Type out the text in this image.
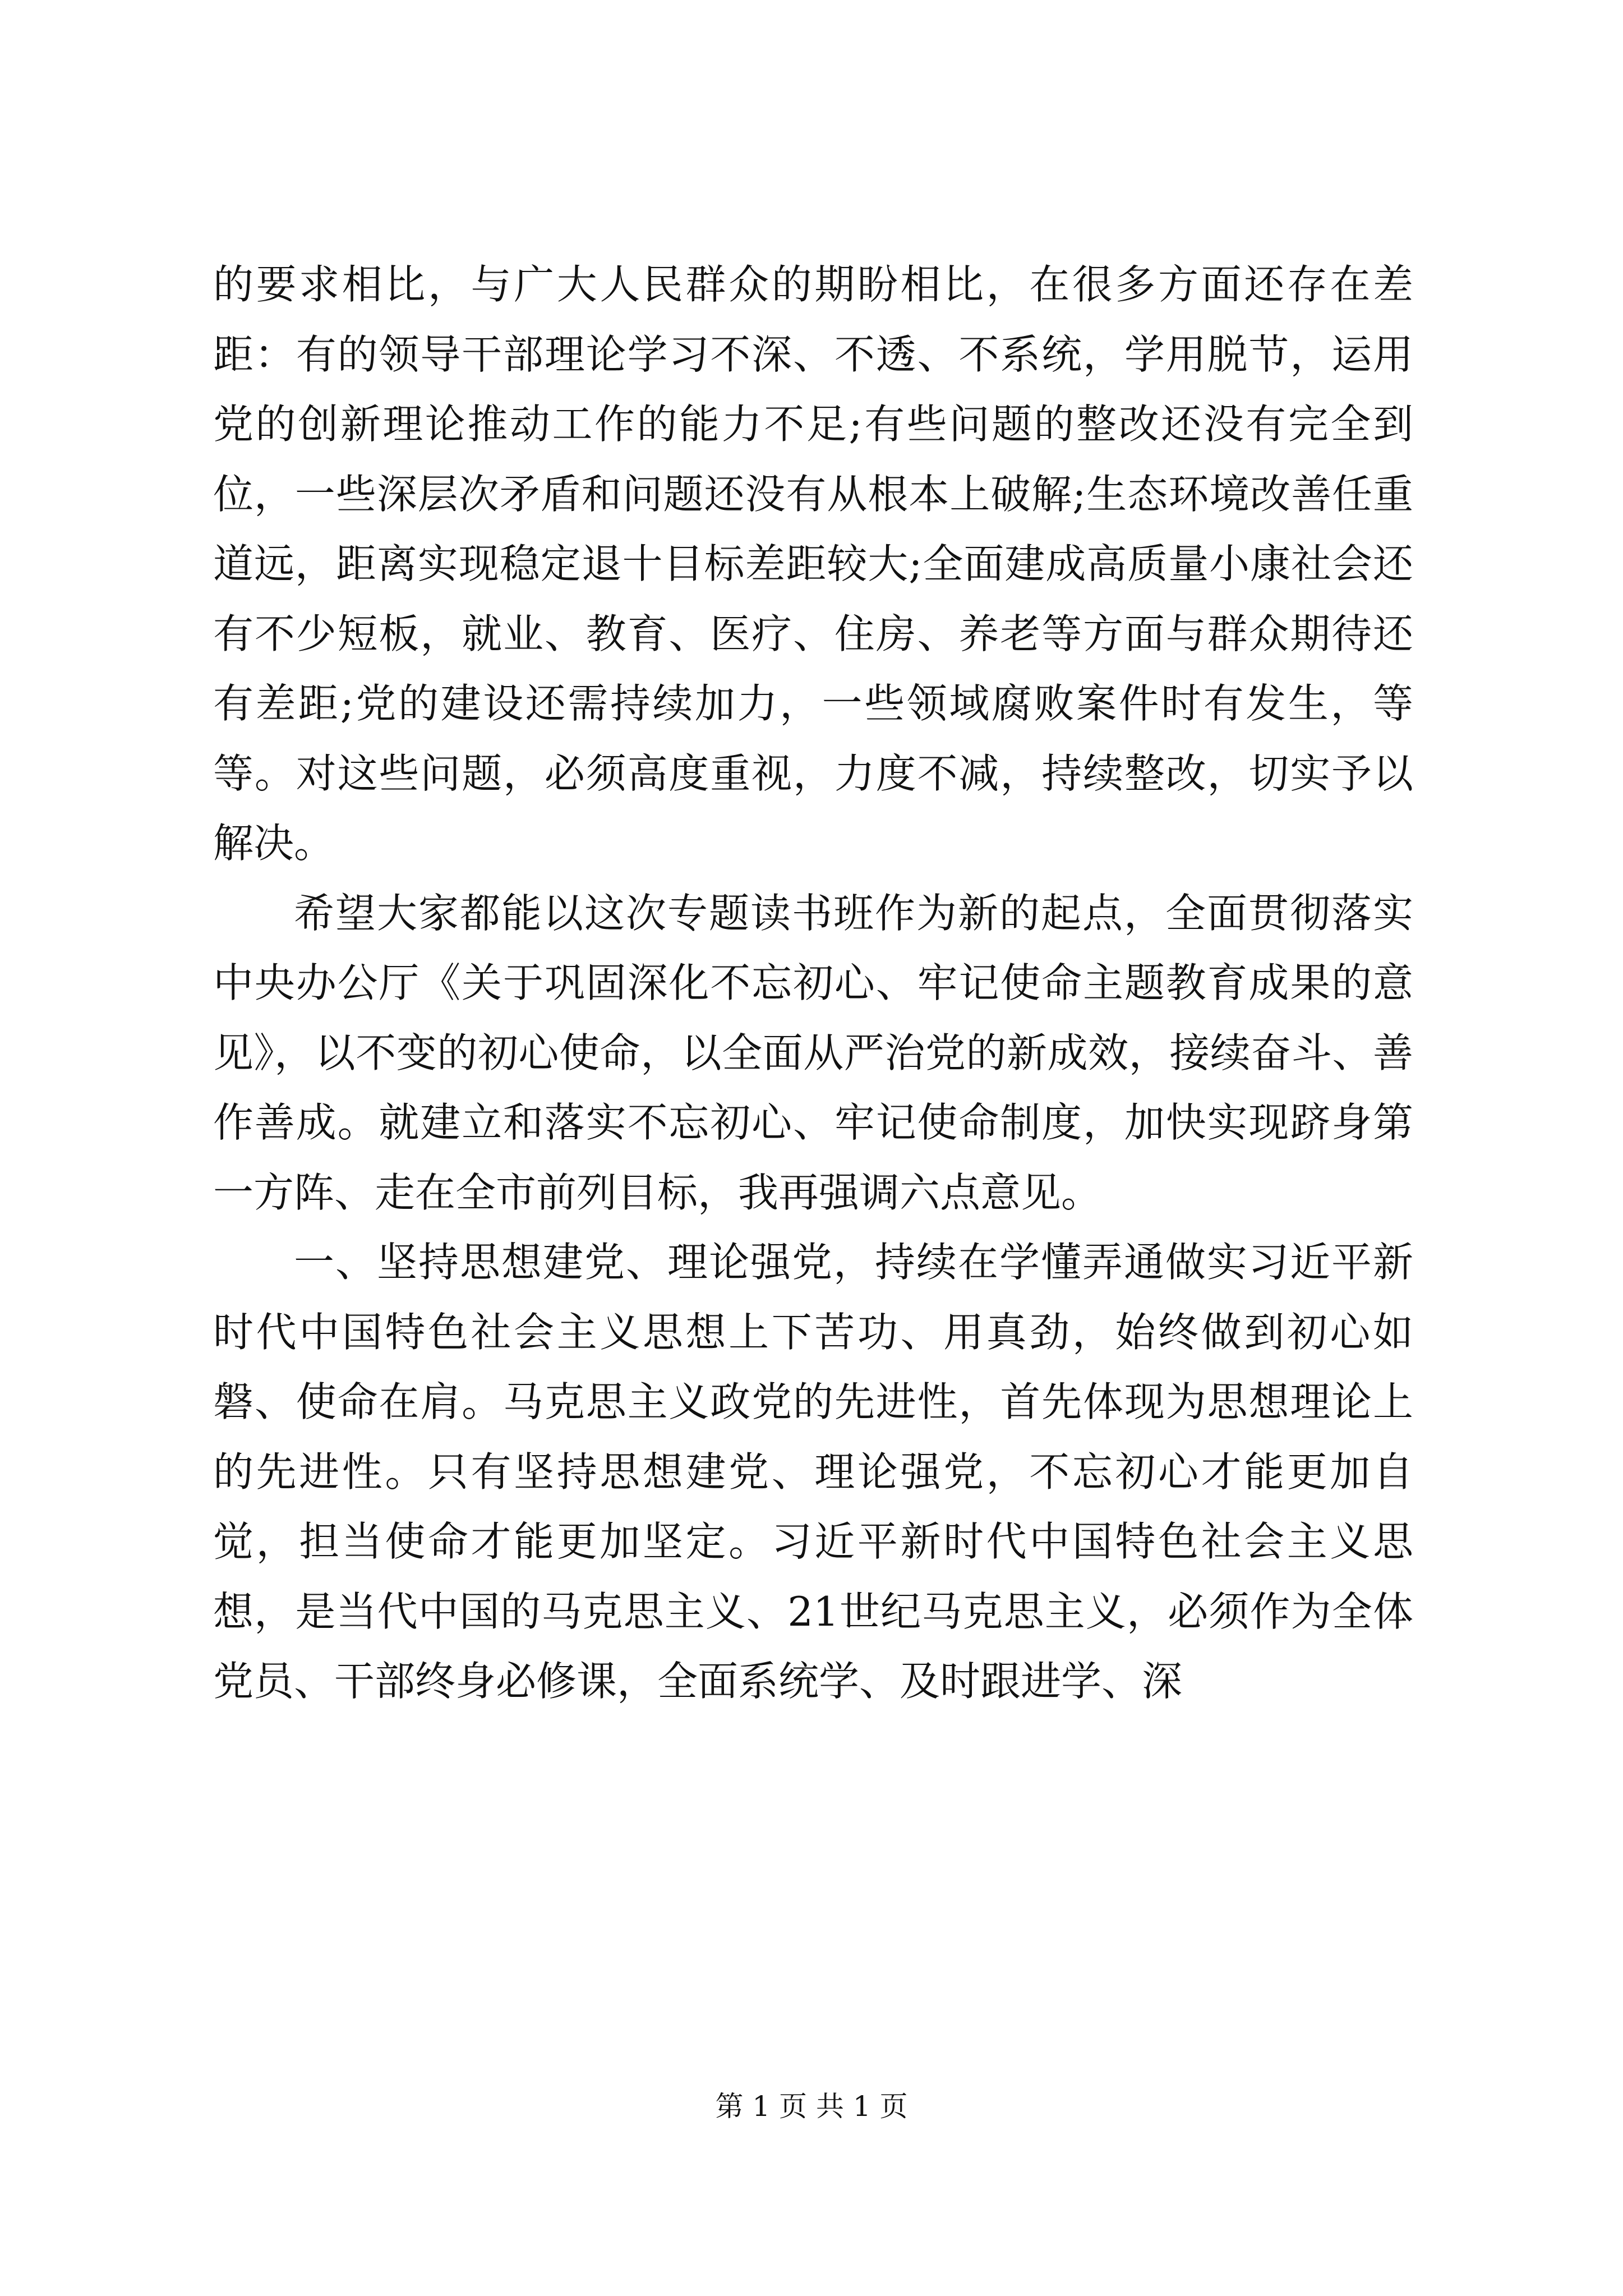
的要求相比，与广大人民群众的期盼相比，在很多方面还存在差距：有的领导干部理论学习不深、不透、不系统，学用脱节，运用党的创新理论推动工作的能力不足;有些问题的整改还没有完全到位，一些深层次矛盾和问题还没有从根本上破解;生态环境改善任重道远，距离实现稳定退十目标差距较大;全面建成高质量小康社会还有不少短板，就业、教育、医疗、住房、养老等方面与群众期待还有差距;党的建设还需持续加力，一些领域腐败案件时有发生，等等。对这些问题，必须高度重视，力度不减，持续整改，切实予以解决。

希望大家都能以这次专题读书班作为新的起点，全面贯彻落实中央办公厅《关于巩固深化不忘初心、牢记使命主题教育成果的意见》，以不变的初心使命，以全面从严治党的新成效，接续奋斗、善作善成。就建立和落实不忘初心、牢记使命制度，加快实现跻身第一方阵、走在全市前列目标，我再强调六点意见。

一、坚持思想建党、理论强党，持续在学懂弄通做实习近平新时代中国特色社会主义思想上下苦功、用真劲，始终做到初心如磐、使命在肩。马克思主义政党的先进性，首先体现为思想理论上的先进性。只有坚持思想建党、理论强党，不忘初心才能更加自觉，担当使命才能更加坚定。习近平新时代中国特色社会主义思想，是当代中国的马克思主义、21世纪马克思主义，必须作为全体党员、干部终身必修课，全面系统学、及时跟进学、深

第 1 页 共 1 页
